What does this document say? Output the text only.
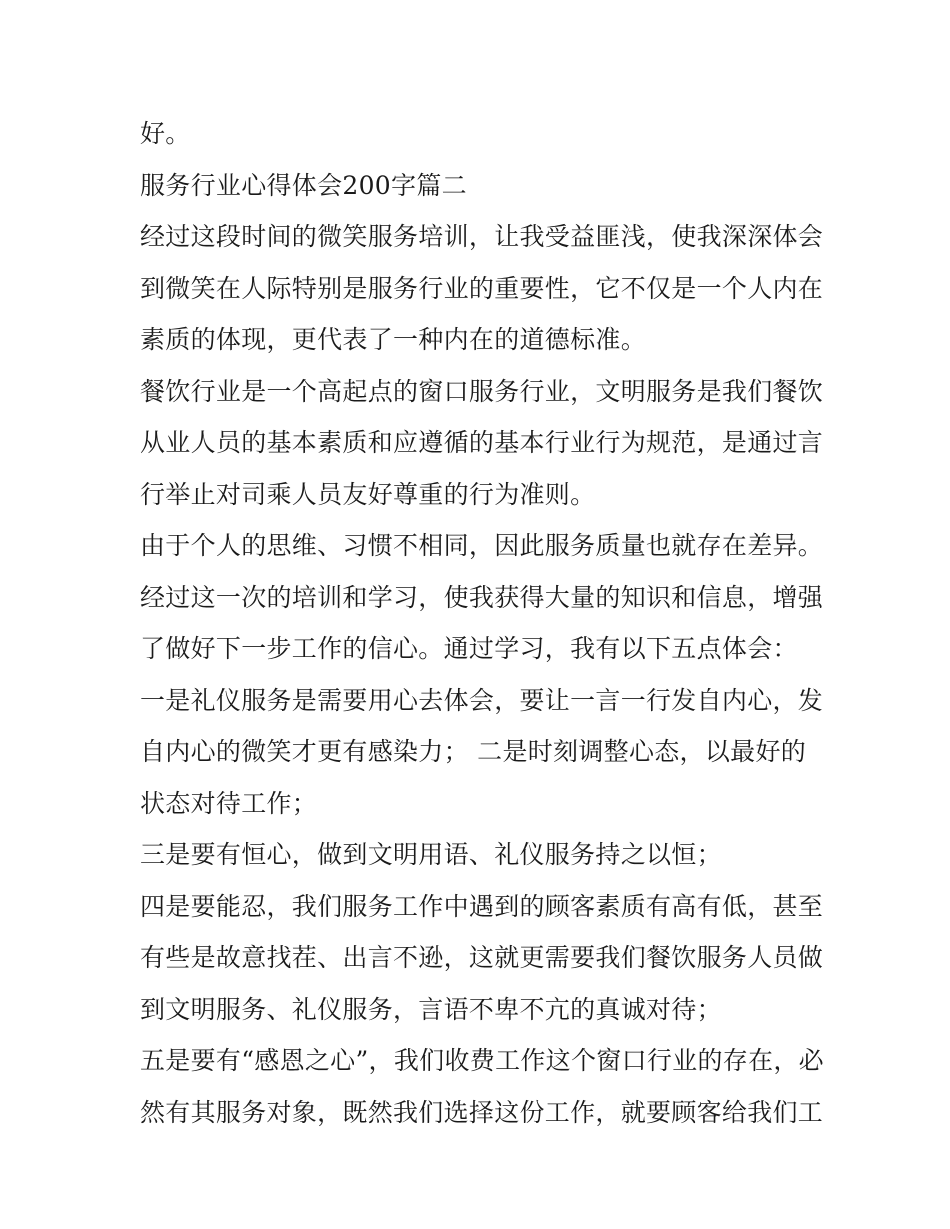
好。
服务行业心得体会200字篇二
经过这段时间的微笑服务培训，让我受益匪浅，使我深深体会
到微笑在人际特别是服务行业的重要性，它不仅是一个人内在
素质的体现，更代表了一种内在的道德标准。
餐饮行业是一个高起点的窗口服务行业，文明服务是我们餐饮
从业人员的基本素质和应遵循的基本行业行为规范，是通过言
行举止对司乘人员友好尊重的行为准则。
由于个人的思维、习惯不相同，因此服务质量也就存在差异。
经过这一次的培训和学习，使我获得大量的知识和信息，增强
了做好下一步工作的信心。通过学习，我有以下五点体会：
一是礼仪服务是需要用心去体会，要让一言一行发自内心，发
自内心的微笑才更有感染力； 二是时刻调整心态，以最好的
状态对待工作；
三是要有恒心，做到文明用语、礼仪服务持之以恒；
四是要能忍，我们服务工作中遇到的顾客素质有高有低，甚至
有些是故意找茬、出言不逊，这就更需要我们餐饮服务人员做
到文明服务、礼仪服务，言语不卑不亢的真诚对待；
五是要有“感恩之心”，我们收费工作这个窗口行业的存在，必
然有其服务对象，既然我们选择这份工作，就要顾客给我们工
